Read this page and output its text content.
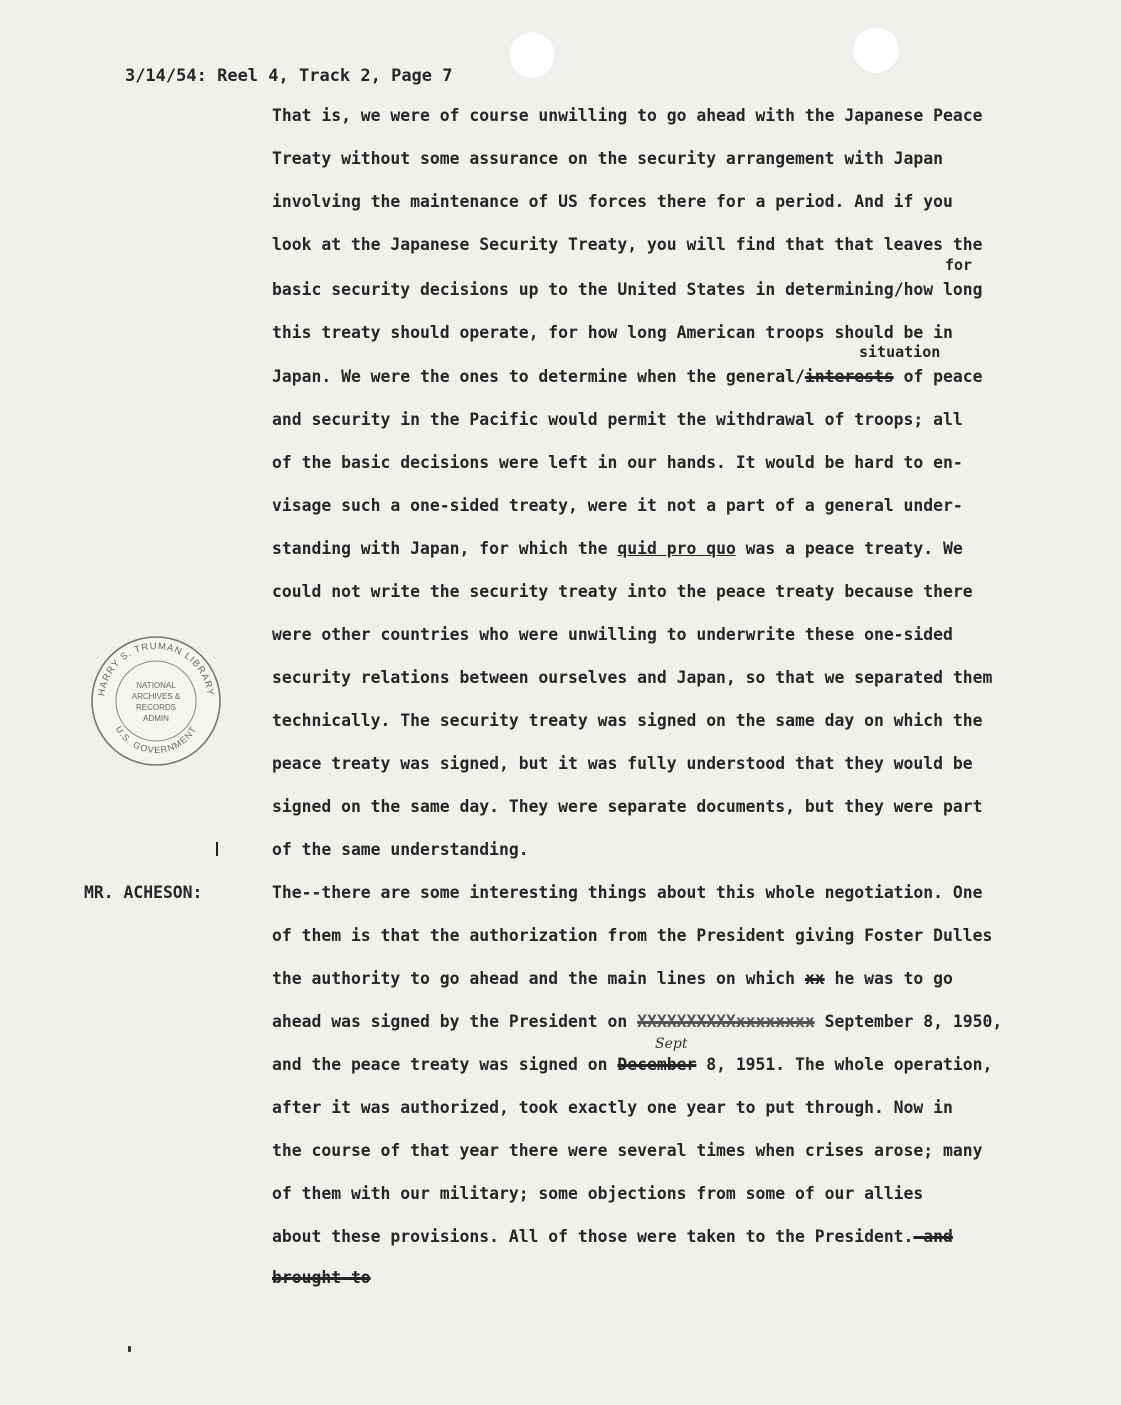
3/14/54: Reel 4, Track 2, Page 7

That is, we were of course unwilling to go ahead with the Japanese Peace
Treaty without some assurance on the security arrangement with Japan
involving the maintenance of US forces there for a period. And if you
look at the Japanese Security Treaty, you will find that that leaves the
for
basic security decisions up to the United States in determining/how long
this treaty should operate, for how long American troops should be in
situation
Japan. We were the ones to determine when the general/interests of peace
and security in the Pacific would permit the withdrawal of troops; all
of the basic decisions were left in our hands. It would be hard to en-
visage such a one-sided treaty, were it not a part of a general under-
standing with Japan, for which the quid pro quo was a peace treaty. We
could not write the security treaty into the peace treaty because there
were other countries who were unwilling to underwrite these one-sided
security relations between ourselves and Japan, so that we separated them
technically. The security treaty was signed on the same day on which the
peace treaty was signed, but it was fully understood that they would be
signed on the same day. They were separate documents, but they were part
of the same understanding.
MR. ACHESON:	The--there are some interesting things about this whole negotiation. One
of them is that the authorization from the President giving Foster Dulles
the authority to go ahead and the main lines on which xx he was to go
ahead was signed by the President on XXXXXXXXXXxxxxxxxx September 8, 1950,
Sept
and the peace treaty was signed on December 8, 1951. The whole operation,
after it was authorized, took exactly one year to put through. Now in
the course of that year there were several times when crises arose; many
of them with our military; some objections from some of our allies
about these provisions. All of those were taken to the President. and
brought to
HARRY S. TRUMAN LIBRARY
U.S. GOVERNMENT
NATIONAL
ARCHIVES &
RECORDS
ADMIN
